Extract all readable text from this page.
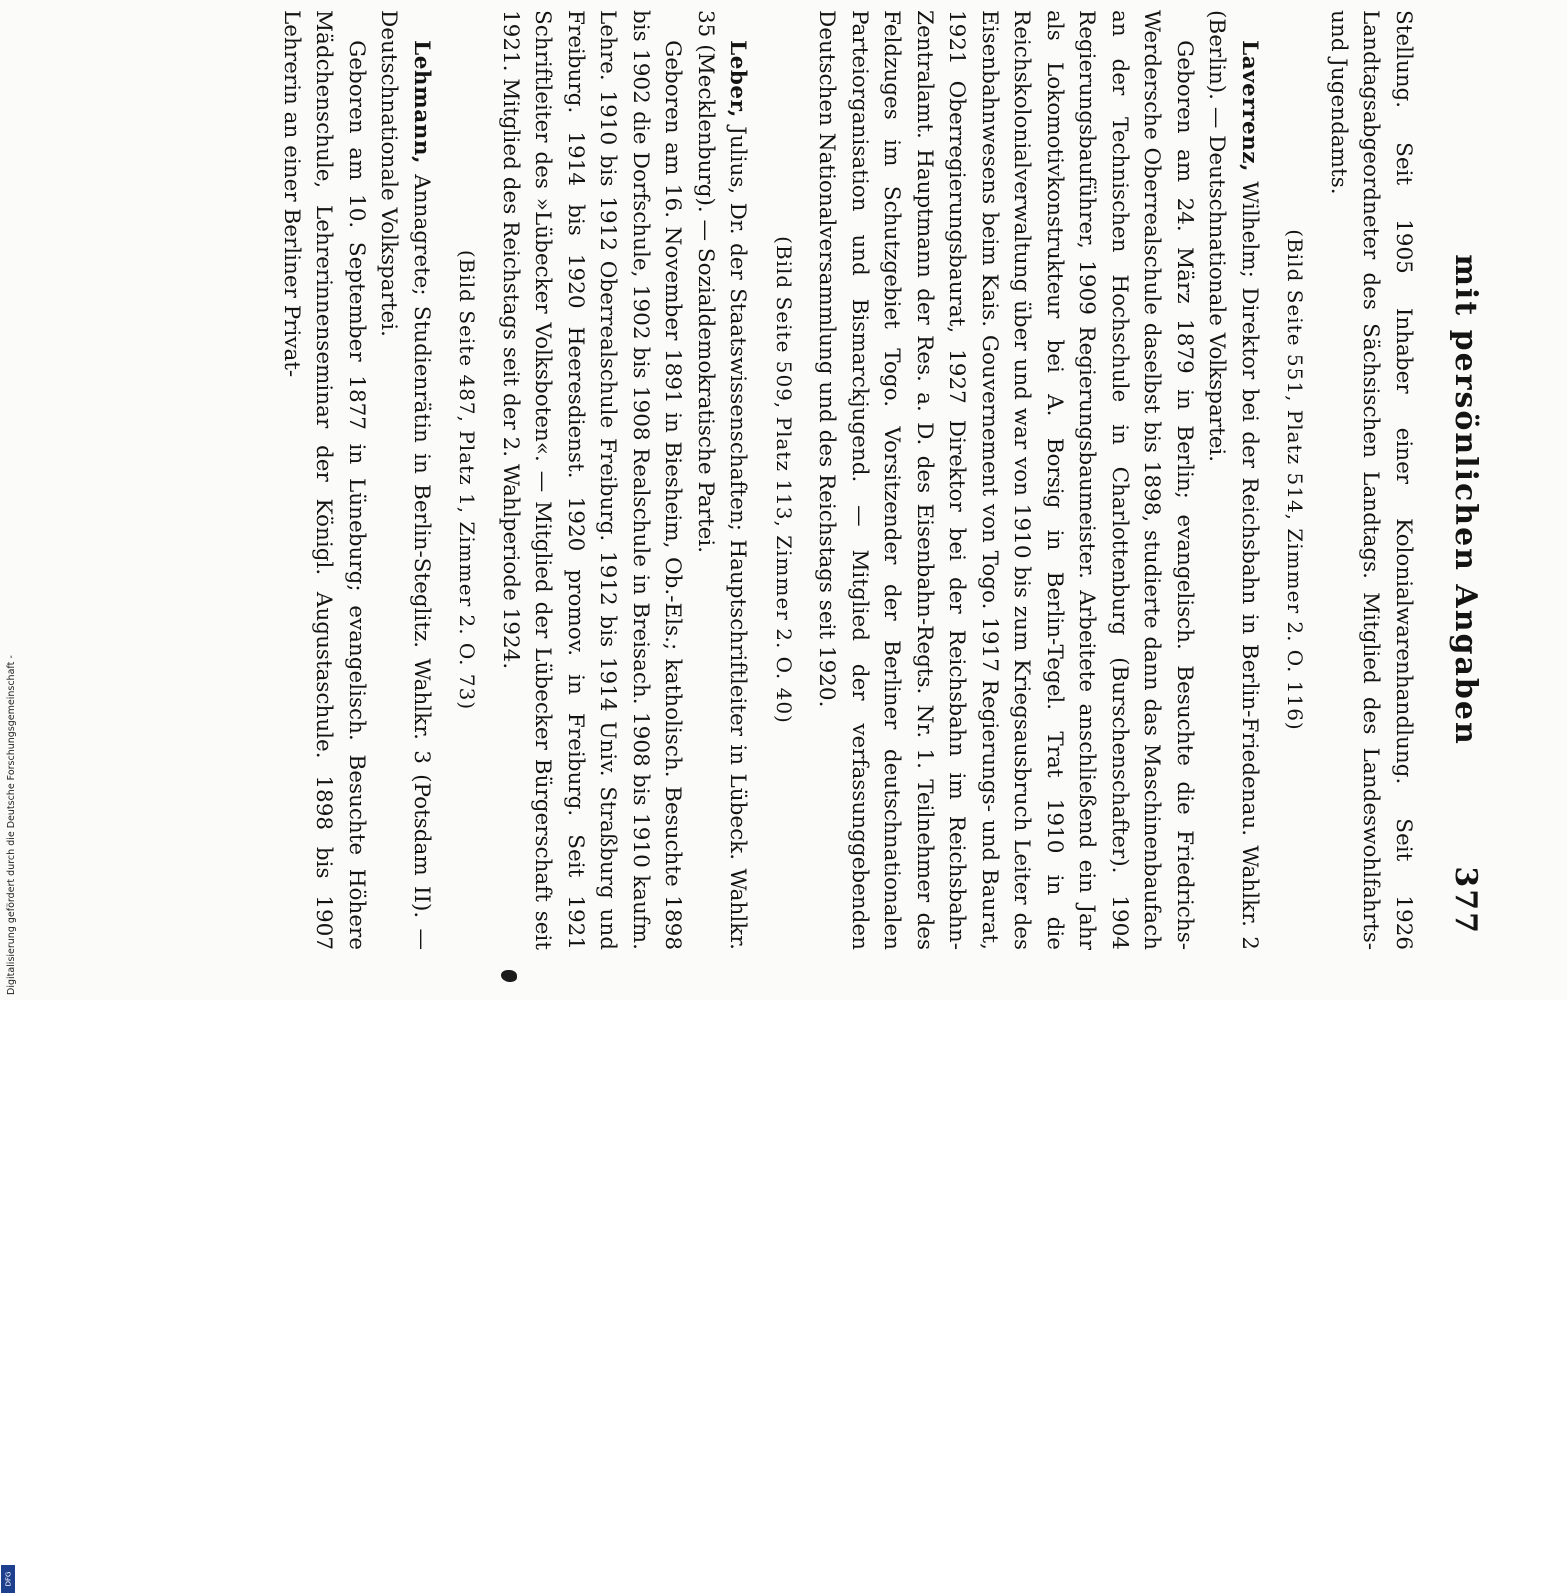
mit persönlichen Angaben
377

Stellung. Seit 1905 Inhaber einer Kolonialwarenhandlung. Seit 1926 Landtagsabgeordneter des Sächsischen Landtags. Mitglied des Landeswohlfahrts- und Jugendamts.

(Bild Seite 551, Platz 514, Zimmer 2. O. 116)

Laverrenz, Wilhelm; Direktor bei der Reichsbahn in Berlin-Friedenau. Wahlkr. 2 (Berlin). — Deutschnationale Volkspartei.

Geboren am 24. März 1879 in Berlin; evangelisch. Besuchte die Friedrichs-Werdersche Oberrealschule daselbst bis 1898, studierte dann das Maschinenbaufach an der Technischen Hochschule in Charlottenburg (Burschenschafter). 1904 Regierungsbauführer, 1909 Regierungsbaumeister. Arbeitete anschließend ein Jahr als Lokomotivkonstrukteur bei A. Borsig in Berlin-Tegel. Trat 1910 in die Reichskolonialverwaltung über und war von 1910 bis zum Kriegsausbruch Leiter des Eisenbahnwesens beim Kais. Gouvernement von Togo. 1917 Regierungs- und Baurat, 1921 Oberregierungsbaurat, 1927 Direktor bei der Reichsbahn im Reichsbahn-Zentralamt. Hauptmann der Res. a. D. des Eisenbahn-Regts. Nr. 1. Teilnehmer des Feldzuges im Schutzgebiet Togo. Vorsitzender der Berliner deutschnationalen Parteiorganisation und Bismarckjugend. — Mitglied der verfassunggebenden Deutschen Nationalversammlung und des Reichstags seit 1920.

(Bild Seite 509, Platz 113, Zimmer 2. O. 40)

Leber, Julius, Dr. der Staatswissenschaften; Hauptschriftleiter in Lübeck. Wahlkr. 35 (Mecklenburg). — Sozialdemokratische Partei.

Geboren am 16. November 1891 in Biesheim, Ob.-Els.; katholisch. Besuchte 1898 bis 1902 die Dorfschule, 1902 bis 1908 Realschule in Breisach. 1908 bis 1910 kaufm. Lehre. 1910 bis 1912 Oberrealschule Freiburg. 1912 bis 1914 Univ. Straßburg und Freiburg. 1914 bis 1920 Heeresdienst. 1920 promov. in Freiburg. Seit 1921 Schriftleiter des »Lübecker Volksboten«. — Mitglied der Lübecker Bürgerschaft seit 1921. Mitglied des Reichstags seit der 2. Wahlperiode 1924.

(Bild Seite 487, Platz 1, Zimmer 2. O. 73)

Lehmann, Annagrete; Studienrätin in Berlin-Steglitz. Wahlkr. 3 (Potsdam II). — Deutschnationale Volkspartei.

Geboren am 10. September 1877 in Lüneburg; evangelisch. Besuchte Höhere Mädchenschule, Lehrerinnenseminar der Königl. Augustaschule. 1898 bis 1907 Lehrerin an einer Berliner Privat-

Digitalisierung gefördert durch die Deutsche Forschungsgemeinschaft -
DFG
